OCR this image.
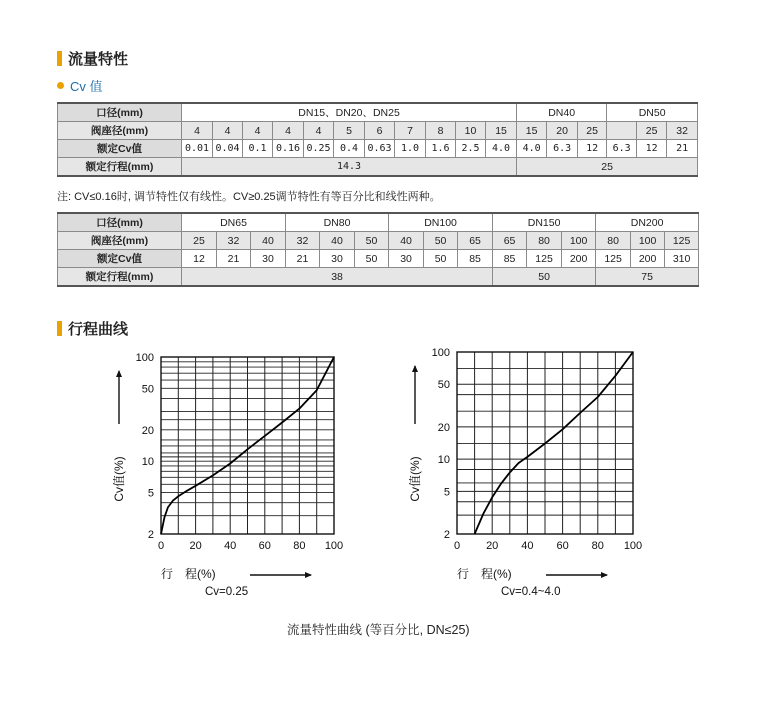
流量特性
Cv 值
口径(mm)	DN15、DN20、DN25											DN40			DN50		
阀座径(mm)	4	4	4	4	4	5	6	7	8	10	15	15	20	25		25	32
额定Cv值	0.01	0.04	0.1	0.16	0.25	0.4	0.63	1.0	1.6	2.5	4.0	4.0	6.3	12	6.3	12	21
额定行程(mm)	14.3											25					
注: CV≤0.16时, 调节特性仅有线性。CV≥0.25调节特性有等百分比和线性两种。
口径(mm)	DN65			DN80			DN100			DN150			DN200		
阀座径(mm)	25	32	40	32	40	50	40	50	65	65	80	100	80	100	125
额定Cv值	12	21	30	21	30	50	30	50	85	85	125	200	125	200	310
额定行程(mm)	38									50			75		
行程曲线
2
5
10
20
50
100
0 20 40 60 80 100
Cv值(%)
行　程(%)
Cv=0.25
2
5
10
20
50
100
0 20 40 60 80 100
Cv值(%)
行　程(%)
Cv=0.4~4.0
流量特性曲线 (等百分比, DN≤25)
